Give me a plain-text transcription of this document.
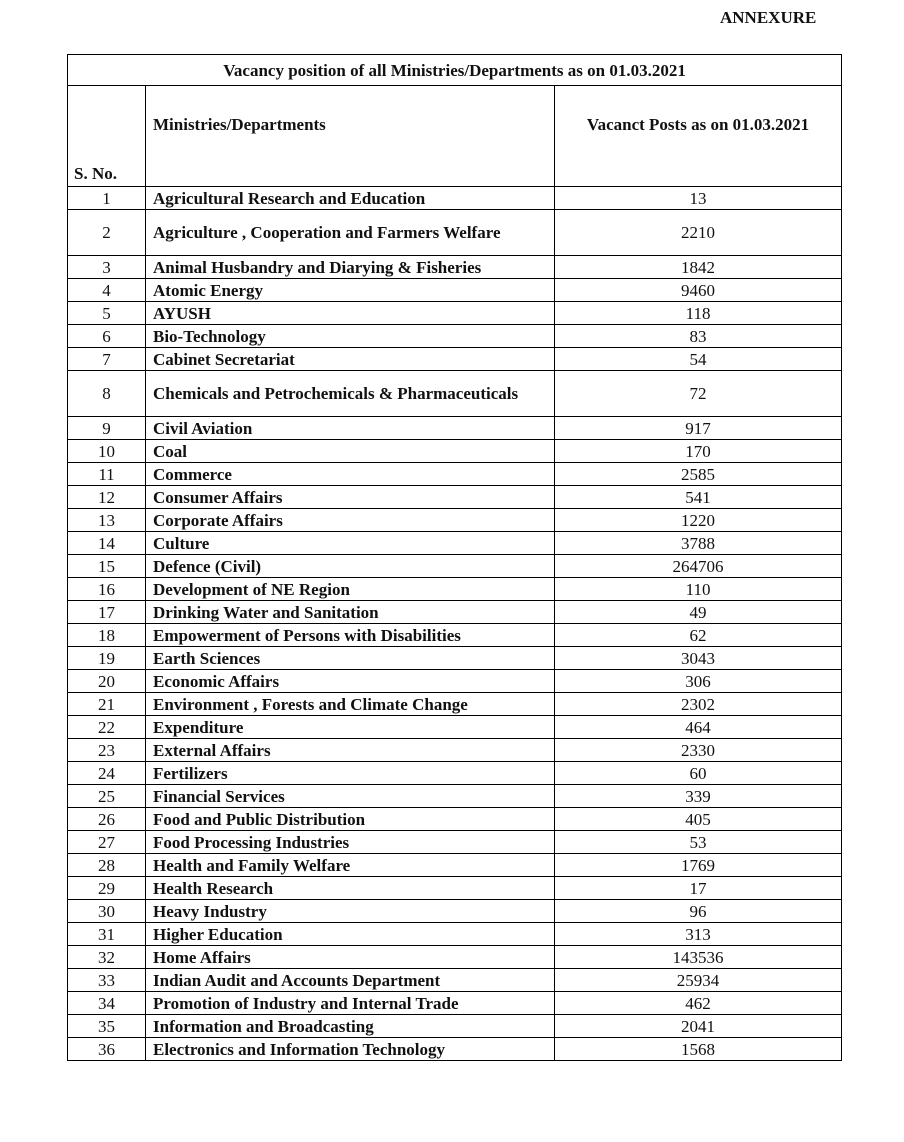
ANNEXURE
Vacancy position of all Ministries/Departments as on 01.03.2021		
S. No.	Ministries/Departments	Vacanct Posts as on 01.03.2021
1	Agricultural Research and Education	13
2	Agriculture , Cooperation and Farmers Welfare	2210
3	Animal Husbandry and Diarying & Fisheries	1842
4	Atomic Energy	9460
5	AYUSH	118
6	Bio-Technology	83
7	Cabinet Secretariat	54
8	Chemicals and Petrochemicals & Pharmaceuticals	72
9	Civil Aviation	917
10	Coal	170
11	Commerce	2585
12	Consumer Affairs	541
13	Corporate Affairs	1220
14	Culture	3788
15	Defence (Civil)	264706
16	Development of NE Region	110
17	Drinking Water and Sanitation	49
18	Empowerment of Persons with Disabilities	62
19	Earth Sciences	3043
20	Economic Affairs	306
21	Environment , Forests and Climate Change	2302
22	Expenditure	464
23	External Affairs	2330
24	Fertilizers	60
25	Financial Services	339
26	Food and Public Distribution	405
27	Food Processing Industries	53
28	Health and Family Welfare	1769
29	Health Research	17
30	Heavy Industry	96
31	Higher Education	313
32	Home Affairs	143536
33	Indian Audit and Accounts Department	25934
34	Promotion of Industry and Internal Trade	462
35	Information and Broadcasting	2041
36	Electronics and Information Technology	1568
